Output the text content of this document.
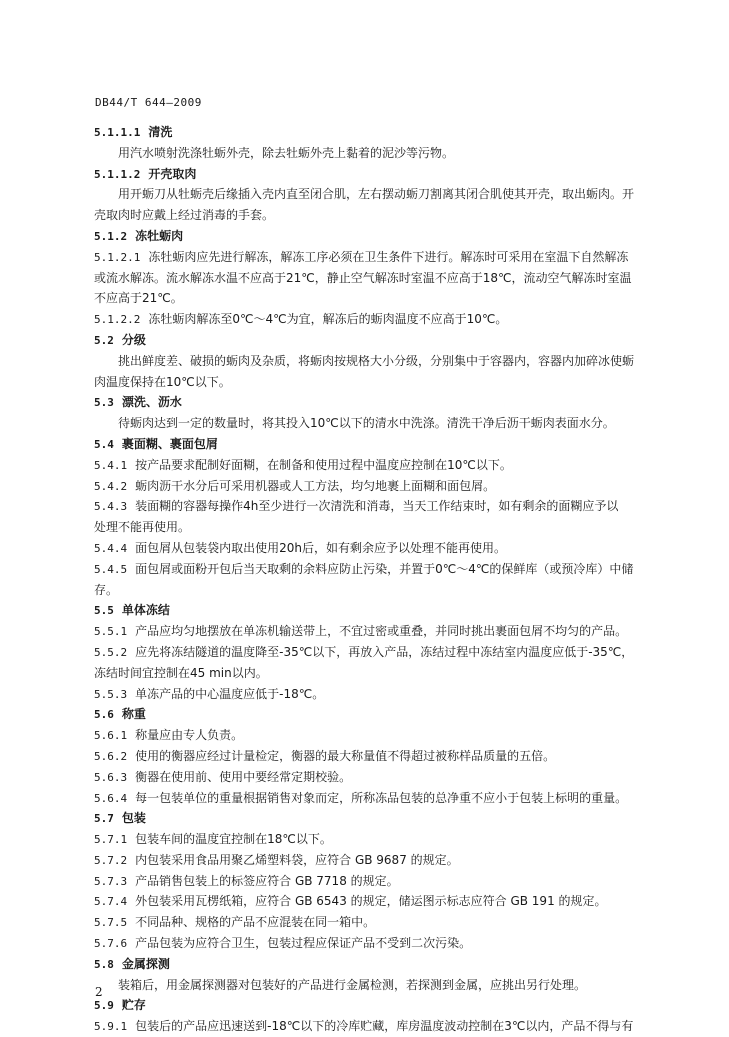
DB44/T 644—2009
5.1.1.1 清洗
用汽水喷射洗涤牡蛎外壳，除去牡蛎外壳上黏着的泥沙等污物。
5.1.1.2 开壳取肉
用开蛎刀从牡蛎壳后缘插入壳内直至闭合肌，左右摆动蛎刀割离其闭合肌使其开壳，取出蛎肉。开
壳取肉时应戴上经过消毒的手套。
5.1.2 冻牡蛎肉
5.1.2.1 冻牡蛎肉应先进行解冻，解冻工序必须在卫生条件下进行。解冻时可采用在室温下自然解冻
或流水解冻。流水解冻水温不应高于21℃，静止空气解冻时室温不应高于18℃，流动空气解冻时室温
不应高于21℃。
5.1.2.2 冻牡蛎肉解冻至0℃～4℃为宜，解冻后的蛎肉温度不应高于10℃。
5.2 分级
挑出鲜度差、破损的蛎肉及杂质，将蛎肉按规格大小分级，分别集中于容器内，容器内加碎冰使蛎
肉温度保持在10℃以下。
5.3 漂洗、沥水
待蛎肉达到一定的数量时，将其投入10℃以下的清水中洗涤。清洗干净后沥干蛎肉表面水分。
5.4 裹面糊、裹面包屑
5.4.1 按产品要求配制好面糊，在制备和使用过程中温度应控制在10℃以下。
5.4.2 蛎肉沥干水分后可采用机器或人工方法，均匀地裹上面糊和面包屑。
5.4.3 装面糊的容器每操作4h至少进行一次清洗和消毒，当天工作结束时，如有剩余的面糊应予以
处理不能再使用。
5.4.4 面包屑从包装袋内取出使用20h后，如有剩余应予以处理不能再使用。
5.4.5 面包屑或面粉开包后当天取剩的余料应防止污染，并置于0℃～4℃的保鲜库（或预冷库）中储
存。
5.5 单体冻结
5.5.1 产品应均匀地摆放在单冻机输送带上，不宜过密或重叠，并同时挑出裹面包屑不均匀的产品。
5.5.2 应先将冻结隧道的温度降至-35℃以下，再放入产品，冻结过程中冻结室内温度应低于-35℃，
冻结时间宜控制在45 min以内。
5.5.3 单冻产品的中心温度应低于-18℃。
5.6 称重
5.6.1 称量应由专人负责。
5.6.2 使用的衡器应经过计量检定，衡器的最大称量值不得超过被称样品质量的五倍。
5.6.3 衡器在使用前、使用中要经常定期校验。
5.6.4 每一包装单位的重量根据销售对象而定，所称冻品包装的总净重不应小于包装上标明的重量。
5.7 包装
5.7.1 包装车间的温度宜控制在18℃以下。
5.7.2 内包装采用食品用聚乙烯塑料袋，应符合 GB 9687 的规定。
5.7.3 产品销售包装上的标签应符合 GB 7718 的规定。
5.7.4 外包装采用瓦楞纸箱，应符合 GB 6543 的规定，储运图示标志应符合 GB 191 的规定。
5.7.5 不同品种、规格的产品不应混装在同一箱中。
5.7.6 产品包装为应符合卫生，包装过程应保证产品不受到二次污染。
5.8 金属探测
装箱后，用金属探测器对包装好的产品进行金属检测，若探测到金属，应挑出另行处理。
5.9 贮存
5.9.1 包装后的产品应迅速送到-18℃以下的冷库贮藏，库房温度波动控制在3℃以内，产品不得与有
2
